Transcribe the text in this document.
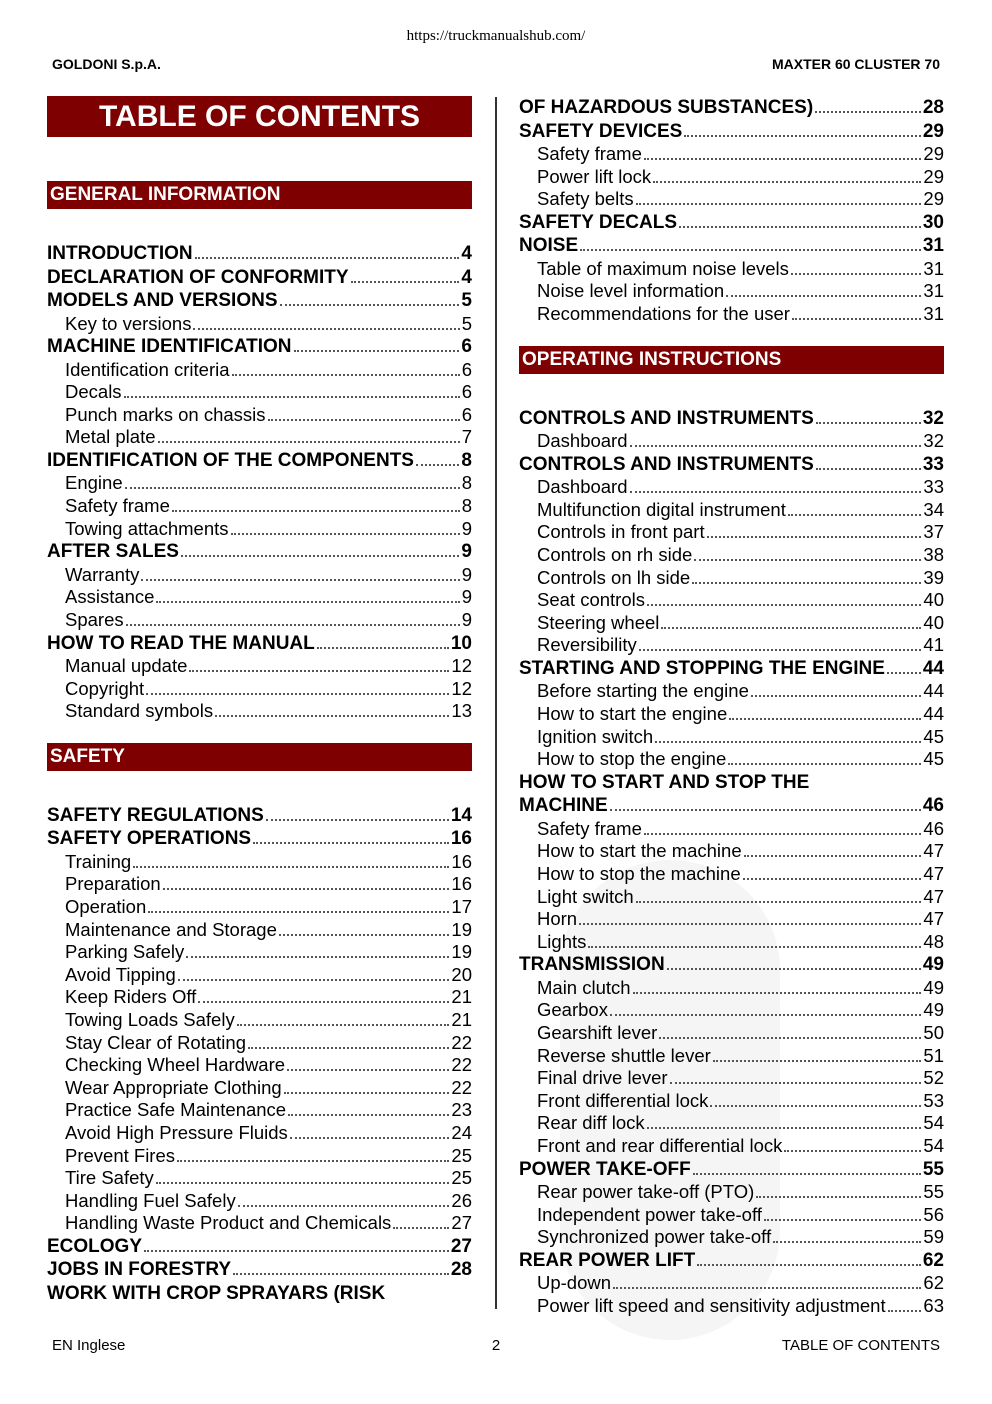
https://truckmanualshub.com/
GOLDONI S.p.A.	MAXTER 60 CLUSTER 70
TABLE OF CONTENTS
GENERAL INFORMATION
INTRODUCTION	4
DECLARATION OF CONFORMITY	4
MODELS AND VERSIONS	5
Key to versions	5
MACHINE IDENTIFICATION	6
Identification criteria	6
Decals	6
Punch marks on chassis	6
Metal plate	7
IDENTIFICATION OF THE COMPONENTS 8
Engine	8
Safety frame	8
Towing attachments	9
AFTER SALES	9
Warranty	9
Assistance	9
Spares	9
HOW TO READ THE MANUAL	10
Manual update	12
Copyright	12
Standard symbols	13
SAFETY
SAFETY REGULATIONS	14
SAFETY OPERATIONS	16
Training	16
Preparation	16
Operation	17
Maintenance and Storage	19
Parking Safely	19
Avoid Tipping	20
Keep Riders Off	21
Towing Loads Safely	21
Stay Clear of Rotating	22
Checking Wheel Hardware	22
Wear Appropriate Clothing	22
Practice Safe Maintenance	23
Avoid High Pressure Fluids	24
Prevent Fires	25
Tire Safety	25
Handling Fuel Safely	26
Handling Waste Product and Chemicals	27
ECOLOGY	27
JOBS IN FORESTRY	28
WORK WITH CROP SPRAYARS (RISK
OF HAZARDOUS SUBSTANCES)	28
SAFETY DEVICES	29
Safety frame	29
Power lift lock	29
Safety belts	29
SAFETY DECALS	30
NOISE	31
Table of maximum noise levels	31
Noise level information	31
Recommendations for the user	31
OPERATING INSTRUCTIONS
CONTROLS AND INSTRUMENTS	32
Dashboard	32
CONTROLS AND INSTRUMENTS	33
Dashboard	33
Multifunction digital instrument	34
Controls in front part	37
Controls on rh side	38
Controls on lh side	39
Seat controls	40
Steering wheel	40
Reversibility	41
STARTING AND STOPPING THE ENGINE 44
Before starting the engine	44
How to start the engine	44
Ignition switch	45
How to stop the engine	45
HOW TO START AND STOP THE
MACHINE	46
Safety frame	46
How to start the machine	47
How to stop the machine	47
Light switch	47
Horn	47
Lights	48
TRANSMISSION	49
Main clutch	49
Gearbox	49
Gearshift lever	50
Reverse shuttle lever	51
Final drive lever	52
Front differential lock	53
Rear diff lock	54
Front and rear differential lock	54
POWER TAKE-OFF	55
Rear power take-off (PTO)	55
Independent power take-off	56
Synchronized power take-off	59
REAR POWER LIFT	62
Up-down	62
Power lift speed and sensitivity adjustment 63
EN Inglese	2	TABLE OF CONTENTS
